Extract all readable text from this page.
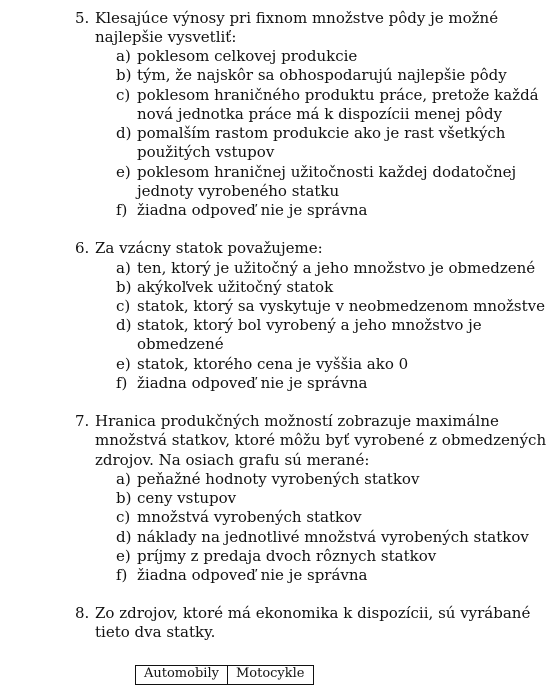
5. Klesajúce výnosy pri fixnom množstve pôdy je možné
najlepšie vysvetliť:
a) poklesom celkovej produkcie
b) tým, že najskôr sa obhospodarujú najlepšie pôdy
c) poklesom hraničného produktu práce, pretože každá
nová jednotka práce má k dispozícii menej pôdy
d) pomalším rastom produkcie ako je rast všetkých
použitých vstupov
e) poklesom hraničnej užitočnosti každej dodatočnej
jednoty vyrobeného statku
f) žiadna odpoveď nie je správna
6. Za vzácny statok považujeme:
a) ten, ktorý je užitočný a jeho množstvo je obmedzené
b) akýkoľvek užitočný statok
c) statok, ktorý sa vyskytuje v neobmedzenom množstve
d) statok, ktorý bol vyrobený a jeho množstvo je
obmedzené
e) statok, ktorého cena je vyššia ako 0
f) žiadna odpoveď nie je správna
7. Hranica produkčných možností zobrazuje maximálne
množstvá statkov, ktoré môžu byť vyrobené z obmedzených
zdrojov. Na osiach grafu sú merané:
a) peňažné hodnoty vyrobených statkov
b) ceny vstupov
c) množstvá vyrobených statkov
d) náklady na jednotlivé množstvá vyrobených statkov
e) príjmy z predaja dvoch rôznych statkov
f) žiadna odpoveď nie je správna
8. Zo zdrojov, ktoré má ekonomika k dispozícii, sú vyrábané
tieto dva statky.
Automobily	Motocykle
